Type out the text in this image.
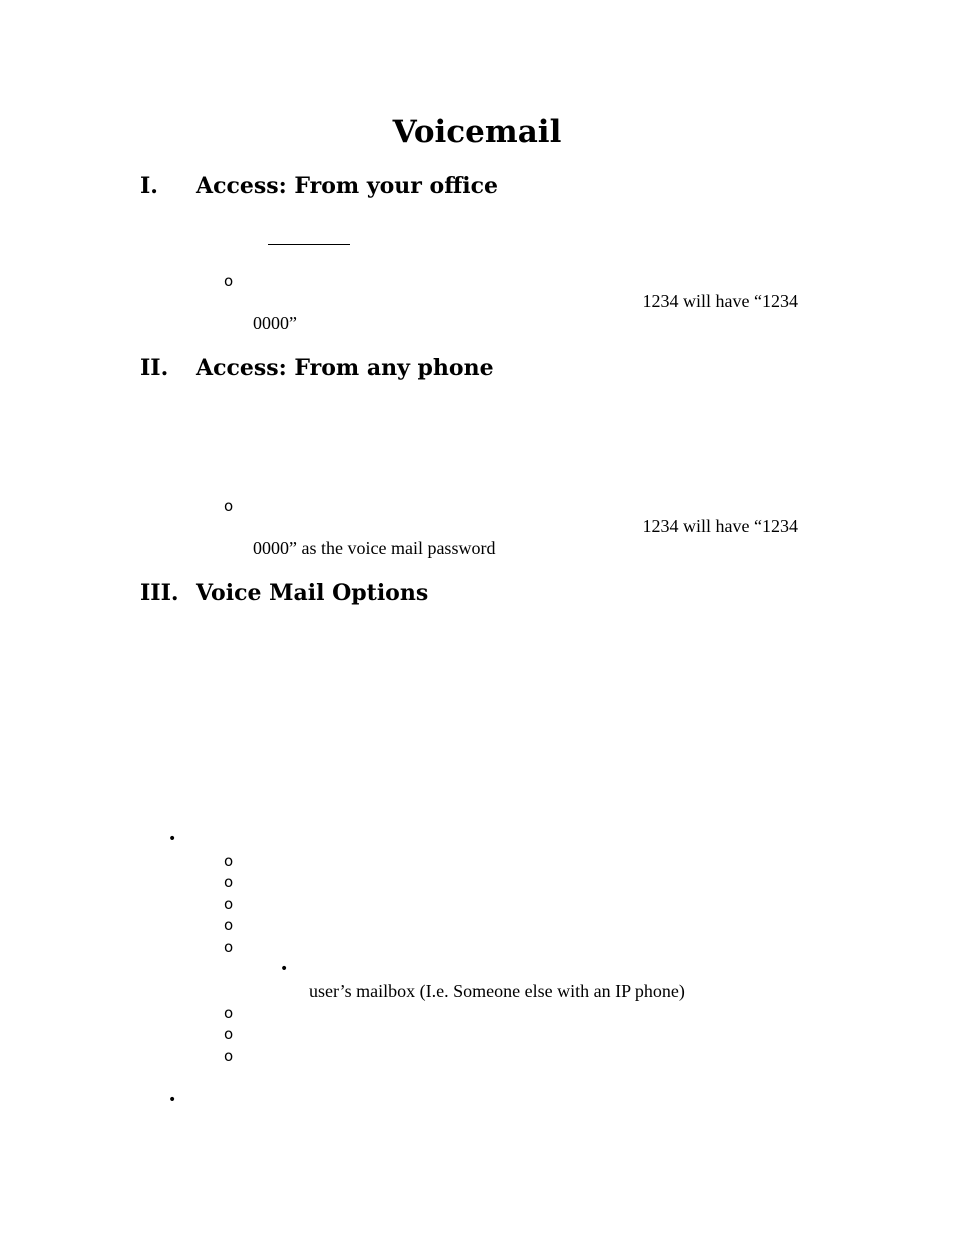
Voicemail
I. Access: From your office
o
1234 will have “1234
0000”
II. Access: From any phone
o
1234 will have “1234
0000” as the voice mail password
III. Voice Mail Options
•
o
o
o
o
o
•
user’s mailbox (I.e. Someone else with an IP phone)
o
o
o
•
